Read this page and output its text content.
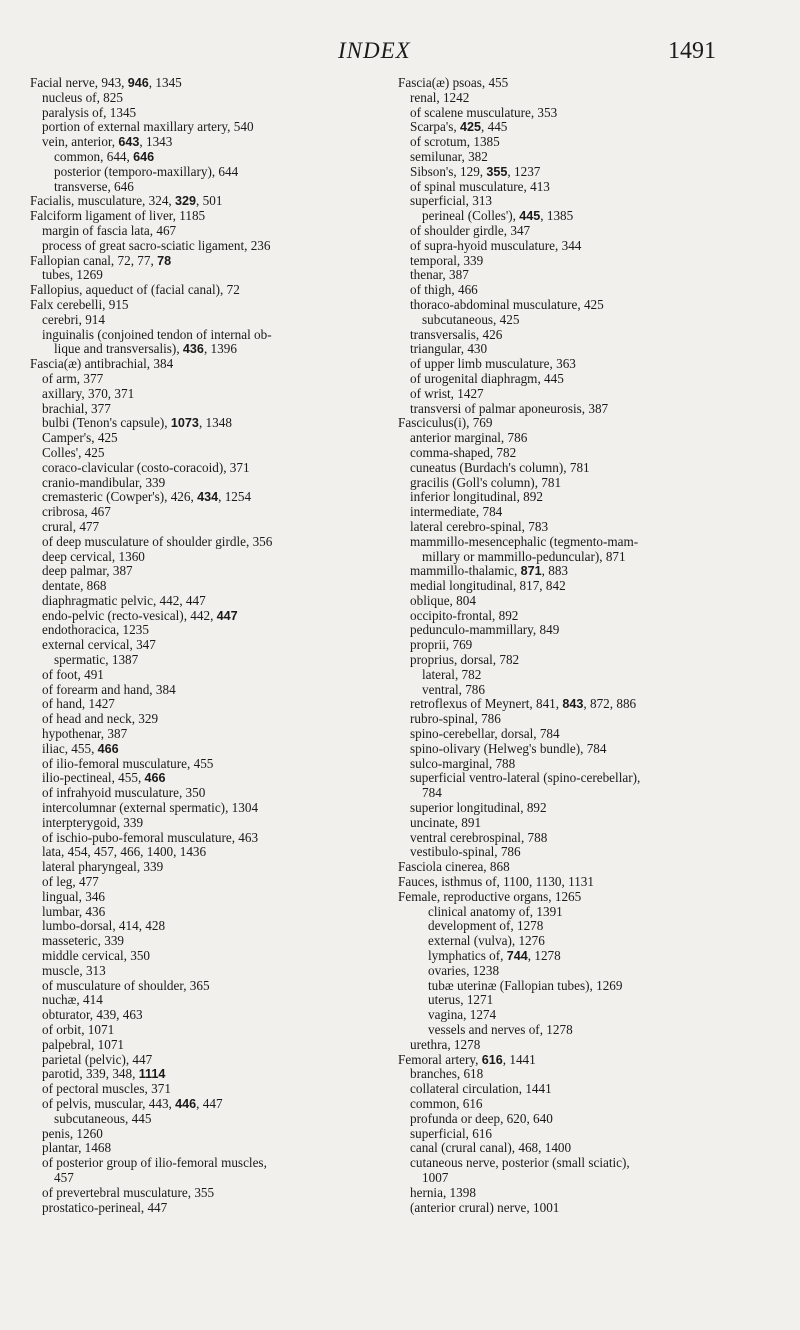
INDEX	1491
Facial nerve, 943, 946, 1345
nucleus of, 825
paralysis of, 1345
portion of external maxillary artery, 540
vein, anterior, 643, 1343
common, 644, 646
posterior (temporo-maxillary), 644
transverse, 646
Facialis, musculature, 324, 329, 501
Falciform ligament of liver, 1185
margin of fascia lata, 467
process of great sacro-sciatic ligament, 236
Fallopian canal, 72, 77, 78
tubes, 1269
Fallopius, aqueduct of (facial canal), 72
Falx cerebelli, 915
cerebri, 914
inguinalis (conjoined tendon of internal ob-
lique and transversalis), 436, 1396
Fascia(æ) antibrachial, 384
of arm, 377
axillary, 370, 371
brachial, 377
bulbi (Tenon's capsule), 1073, 1348
Camper's, 425
Colles', 425
coraco-clavicular (costo-coracoid), 371
cranio-mandibular, 339
cremasteric (Cowper's), 426, 434, 1254
cribrosa, 467
crural, 477
of deep musculature of shoulder girdle, 356
deep cervical, 1360
deep palmar, 387
dentate, 868
diaphragmatic pelvic, 442, 447
endo-pelvic (recto-vesical), 442, 447
endothoracica, 1235
external cervical, 347
spermatic, 1387
of foot, 491
of forearm and hand, 384
of hand, 1427
of head and neck, 329
hypothenar, 387
iliac, 455, 466
of ilio-femoral musculature, 455
ilio-pectineal, 455, 466
of infrahyoid musculature, 350
intercolumnar (external spermatic), 1304
interpterygoid, 339
of ischio-pubo-femoral musculature, 463
lata, 454, 457, 466, 1400, 1436
lateral pharyngeal, 339
of leg, 477
lingual, 346
lumbar, 436
lumbo-dorsal, 414, 428
masseteric, 339
middle cervical, 350
muscle, 313
of musculature of shoulder, 365
nuchæ, 414
obturator, 439, 463
of orbit, 1071
palpebral, 1071
parietal (pelvic), 447
parotid, 339, 348, 1114
of pectoral muscles, 371
of pelvis, muscular, 443, 446, 447
subcutaneous, 445
penis, 1260
plantar, 1468
of posterior group of ilio-femoral muscles,
457
of prevertebral musculature, 355
prostatico-perineal, 447
Fascia(æ) psoas, 455
renal, 1242
of scalene musculature, 353
Scarpa's, 425, 445
of scrotum, 1385
semilunar, 382
Sibson's, 129, 355, 1237
of spinal musculature, 413
superficial, 313
perineal (Colles'), 445, 1385
of shoulder girdle, 347
of supra-hyoid musculature, 344
temporal, 339
thenar, 387
of thigh, 466
thoraco-abdominal musculature, 425
subcutaneous, 425
transversalis, 426
triangular, 430
of upper limb musculature, 363
of urogenital diaphragm, 445
of wrist, 1427
transversi of palmar aponeurosis, 387
Fasciculus(i), 769
anterior marginal, 786
comma-shaped, 782
cuneatus (Burdach's column), 781
gracilis (Goll's column), 781
inferior longitudinal, 892
intermediate, 784
lateral cerebro-spinal, 783
mammillo-mesencephalic (tegmento-mam-
millary or mammillo-peduncular), 871
mammillo-thalamic, 871, 883
medial longitudinal, 817, 842
oblique, 804
occipito-frontal, 892
pedunculo-mammillary, 849
proprii, 769
proprius, dorsal, 782
lateral, 782
ventral, 786
retroflexus of Meynert, 841, 843, 872, 886
rubro-spinal, 786
spino-cerebellar, dorsal, 784
spino-olivary (Helweg's bundle), 784
sulco-marginal, 788
superficial ventro-lateral (spino-cerebellar),
784
superior longitudinal, 892
uncinate, 891
ventral cerebrospinal, 788
vestibulo-spinal, 786
Fasciola cinerea, 868
Fauces, isthmus of, 1100, 1130, 1131
Female, reproductive organs, 1265
clinical anatomy of, 1391
development of, 1278
external (vulva), 1276
lymphatics of, 744, 1278
ovaries, 1238
tubæ uterinæ (Fallopian tubes), 1269
uterus, 1271
vagina, 1274
vessels and nerves of, 1278
urethra, 1278
Femoral artery, 616, 1441
branches, 618
collateral circulation, 1441
common, 616
profunda or deep, 620, 640
superficial, 616
canal (crural canal), 468, 1400
cutaneous nerve, posterior (small sciatic),
1007
hernia, 1398
(anterior crural) nerve, 1001
